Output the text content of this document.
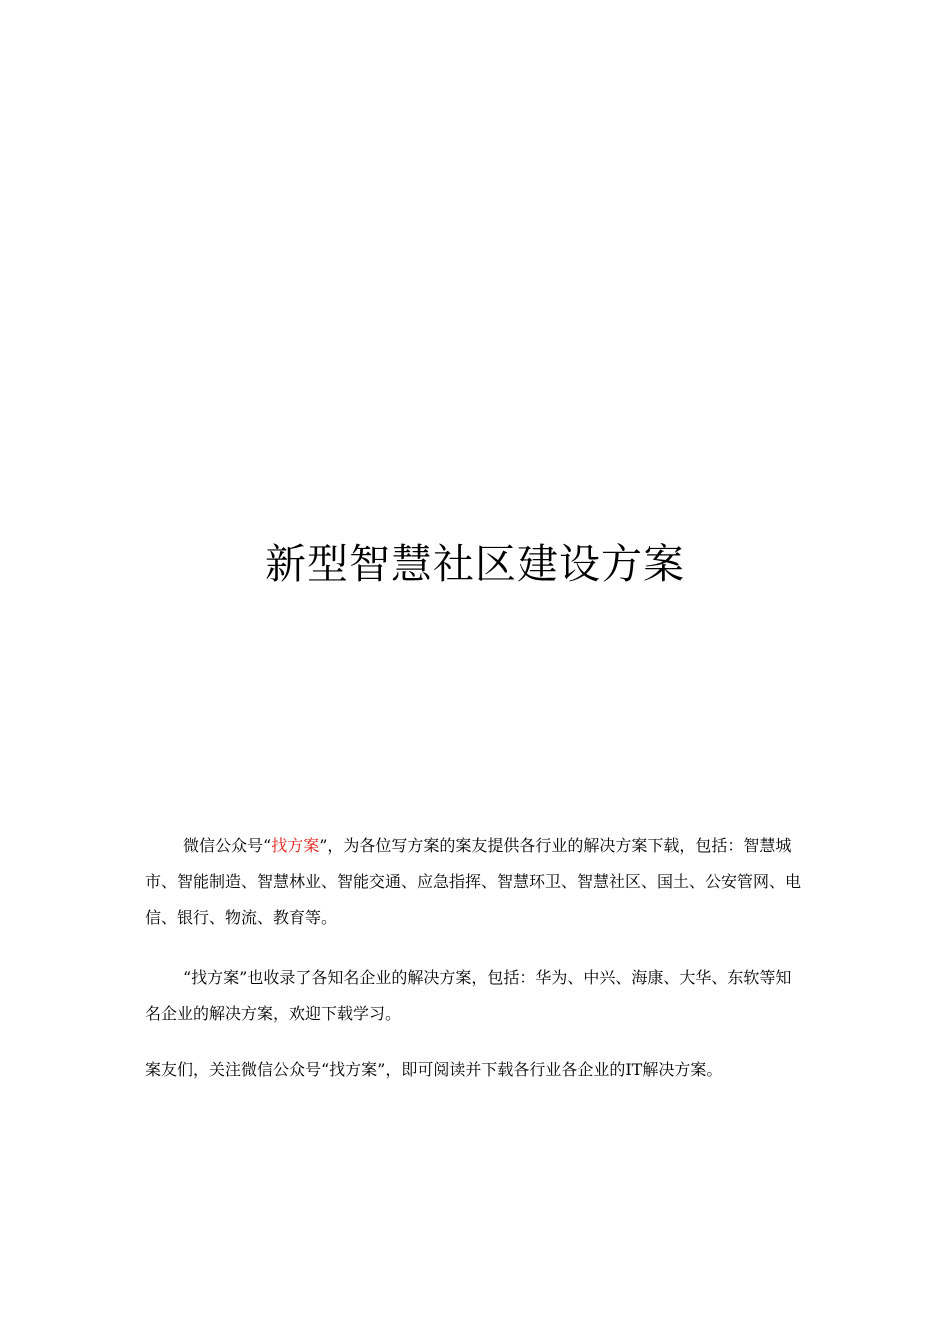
新型智慧社区建设方案

微信公众号“找方案”，为各位写方案的案友提供各行业的解决方案下载，包括：智慧城市、智能制造、智慧林业、智能交通、应急指挥、智慧环卫、智慧社区、国土、公安管网、电信、银行、物流、教育等。

“找方案”也收录了各知名企业的解决方案，包括：华为、中兴、海康、大华、东软等知名企业的解决方案，欢迎下载学习。

案友们，关注微信公众号“找方案”，即可阅读并下载各行业各企业的IT解决方案。
